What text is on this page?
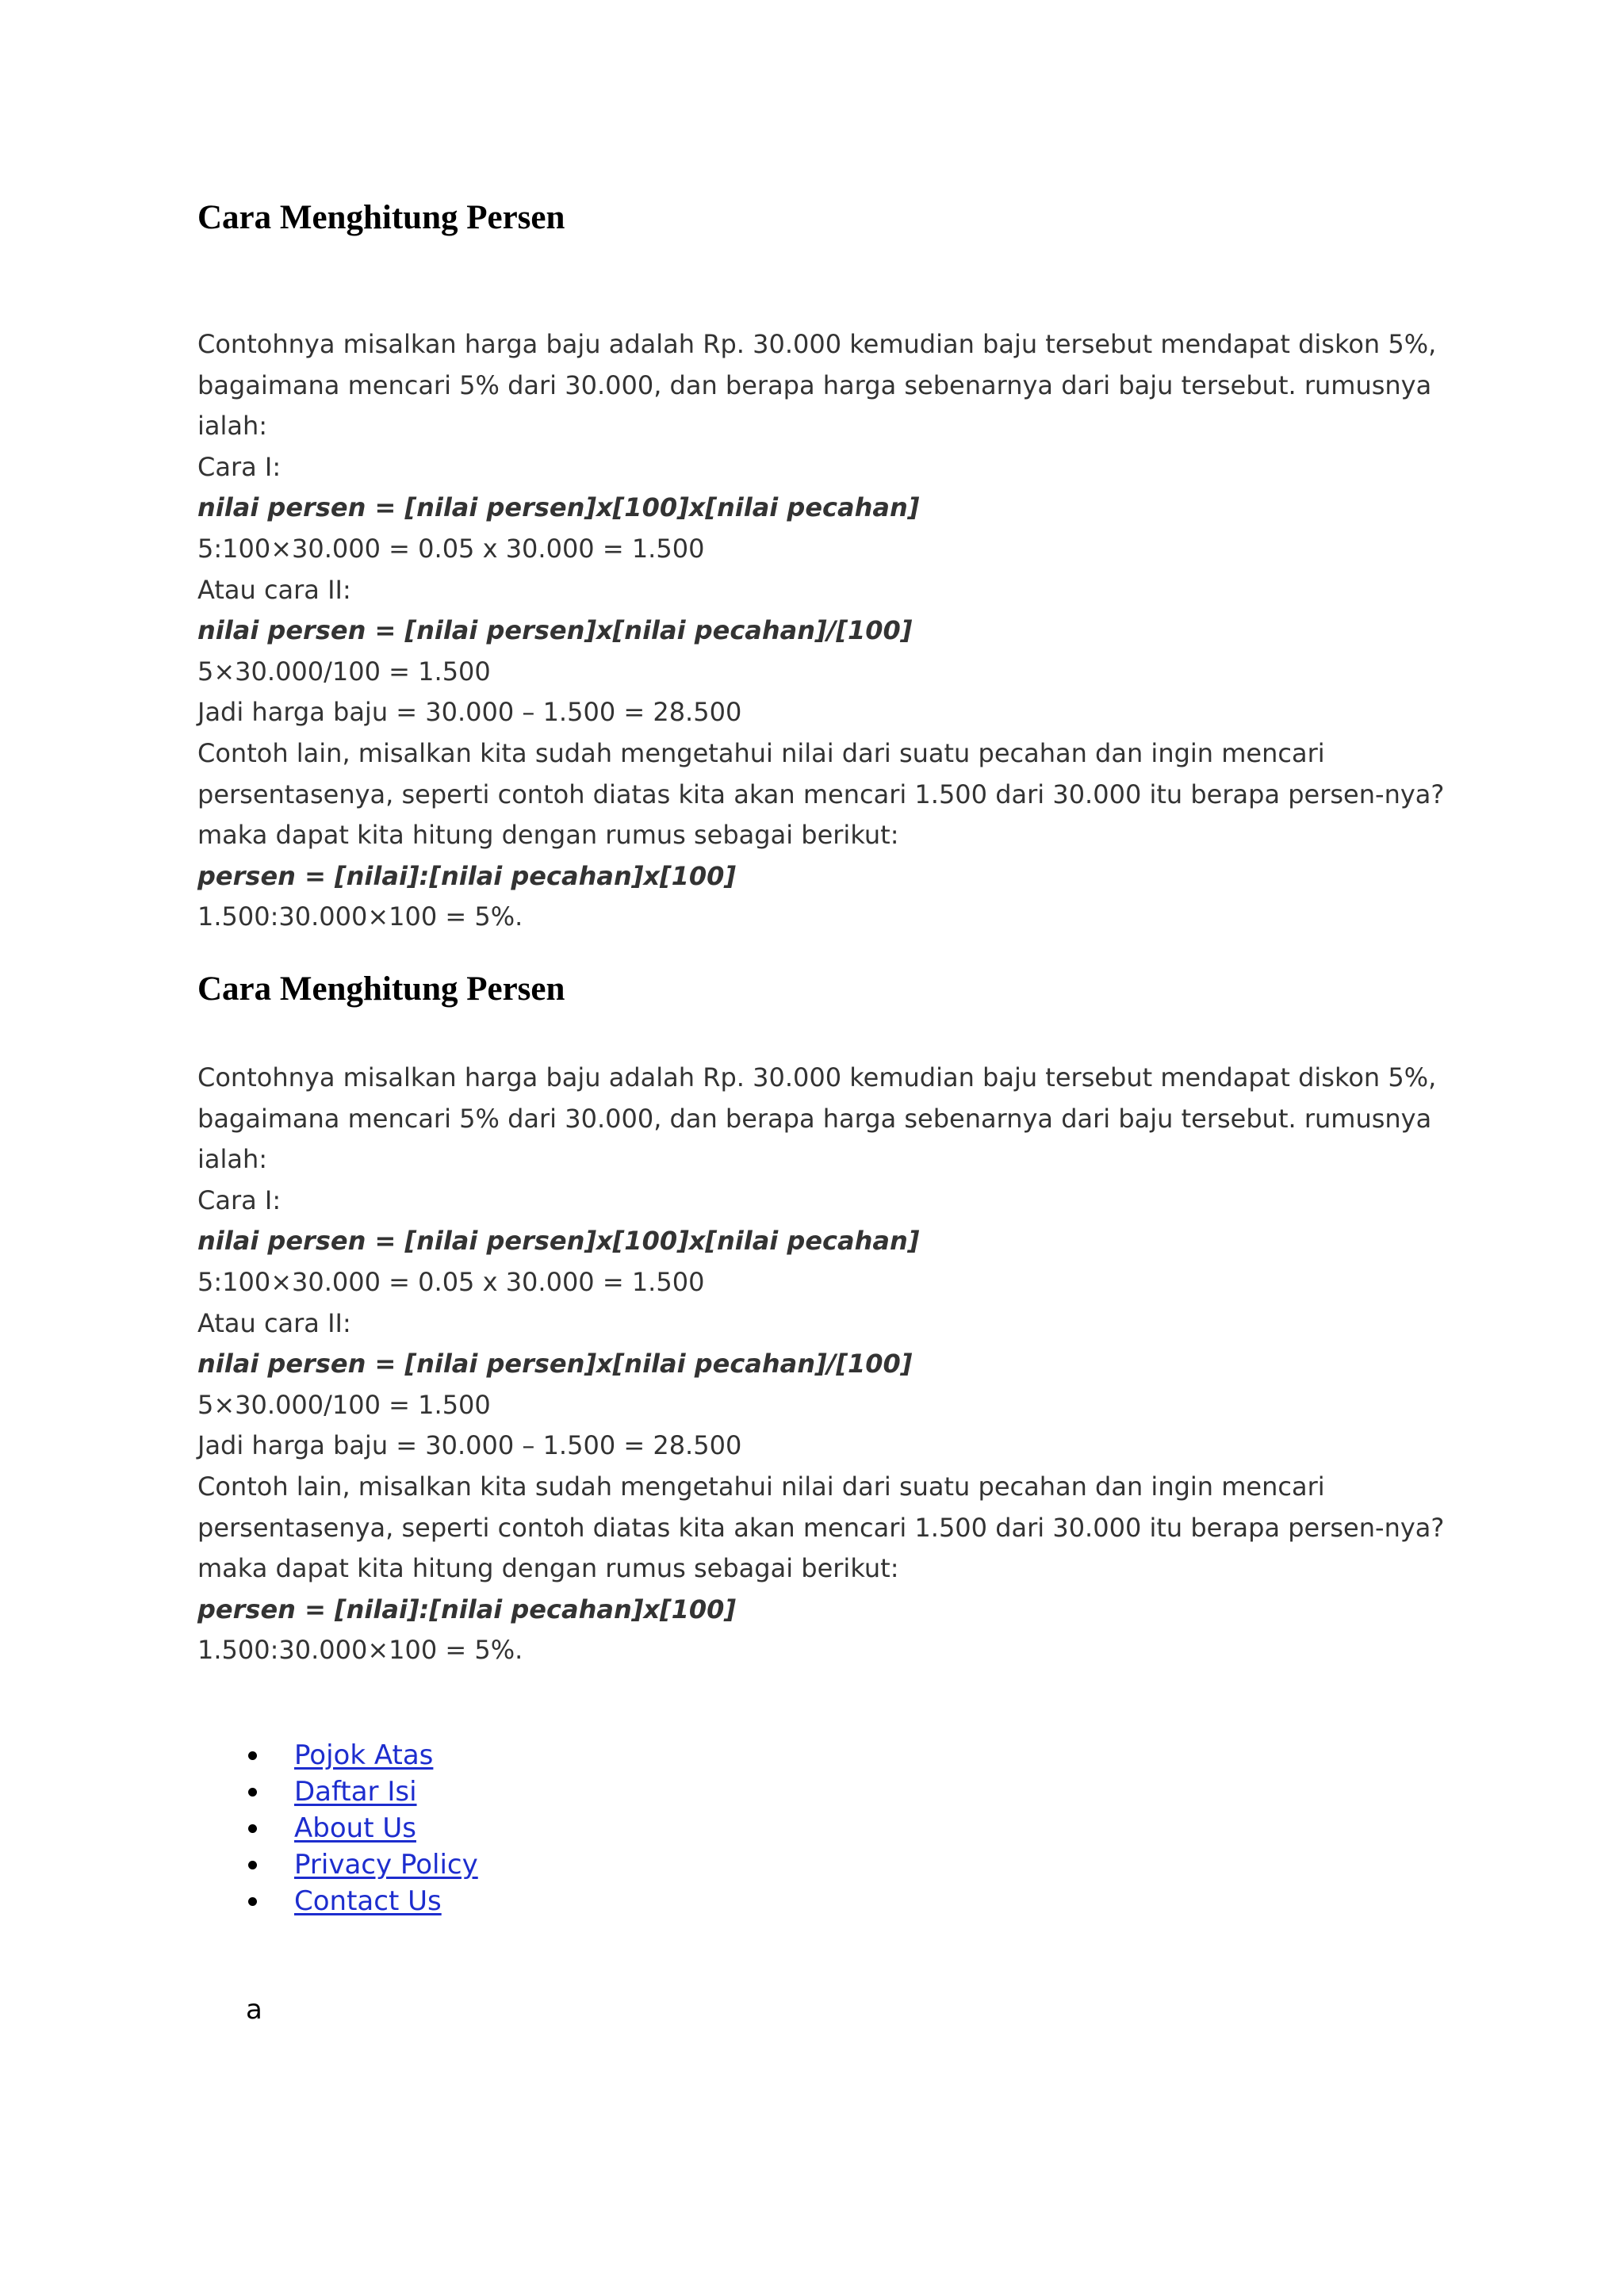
Cara Menghitung Persen
Contohnya misalkan harga baju adalah Rp. 30.000 kemudian baju tersebut mendapat diskon 5%,
bagaimana mencari 5% dari 30.000, dan berapa harga sebenarnya dari baju tersebut. rumusnya
ialah:
Cara I:
nilai persen = [nilai persen]x[100]x[nilai pecahan]
5:100×30.000 = 0.05 x 30.000 = 1.500
Atau cara II:
nilai persen = [nilai persen]x[nilai pecahan]/[100]
5×30.000/100 = 1.500
Jadi harga baju = 30.000 – 1.500 = 28.500
Contoh lain, misalkan kita sudah mengetahui nilai dari suatu pecahan dan ingin mencari
persentasenya, seperti contoh diatas kita akan mencari 1.500 dari 30.000 itu berapa persen-nya?
maka dapat kita hitung dengan rumus sebagai berikut:
persen = [nilai]:[nilai pecahan]x[100]
1.500:30.000×100 = 5%.
Cara Menghitung Persen
Contohnya misalkan harga baju adalah Rp. 30.000 kemudian baju tersebut mendapat diskon 5%,
bagaimana mencari 5% dari 30.000, dan berapa harga sebenarnya dari baju tersebut. rumusnya
ialah:
Cara I:
nilai persen = [nilai persen]x[100]x[nilai pecahan]
5:100×30.000 = 0.05 x 30.000 = 1.500
Atau cara II:
nilai persen = [nilai persen]x[nilai pecahan]/[100]
5×30.000/100 = 1.500
Jadi harga baju = 30.000 – 1.500 = 28.500
Contoh lain, misalkan kita sudah mengetahui nilai dari suatu pecahan dan ingin mencari
persentasenya, seperti contoh diatas kita akan mencari 1.500 dari 30.000 itu berapa persen-nya?
maka dapat kita hitung dengan rumus sebagai berikut:
persen = [nilai]:[nilai pecahan]x[100]
1.500:30.000×100 = 5%.
Pojok Atas
Daftar Isi
About Us
Privacy Policy
Contact Us
a
